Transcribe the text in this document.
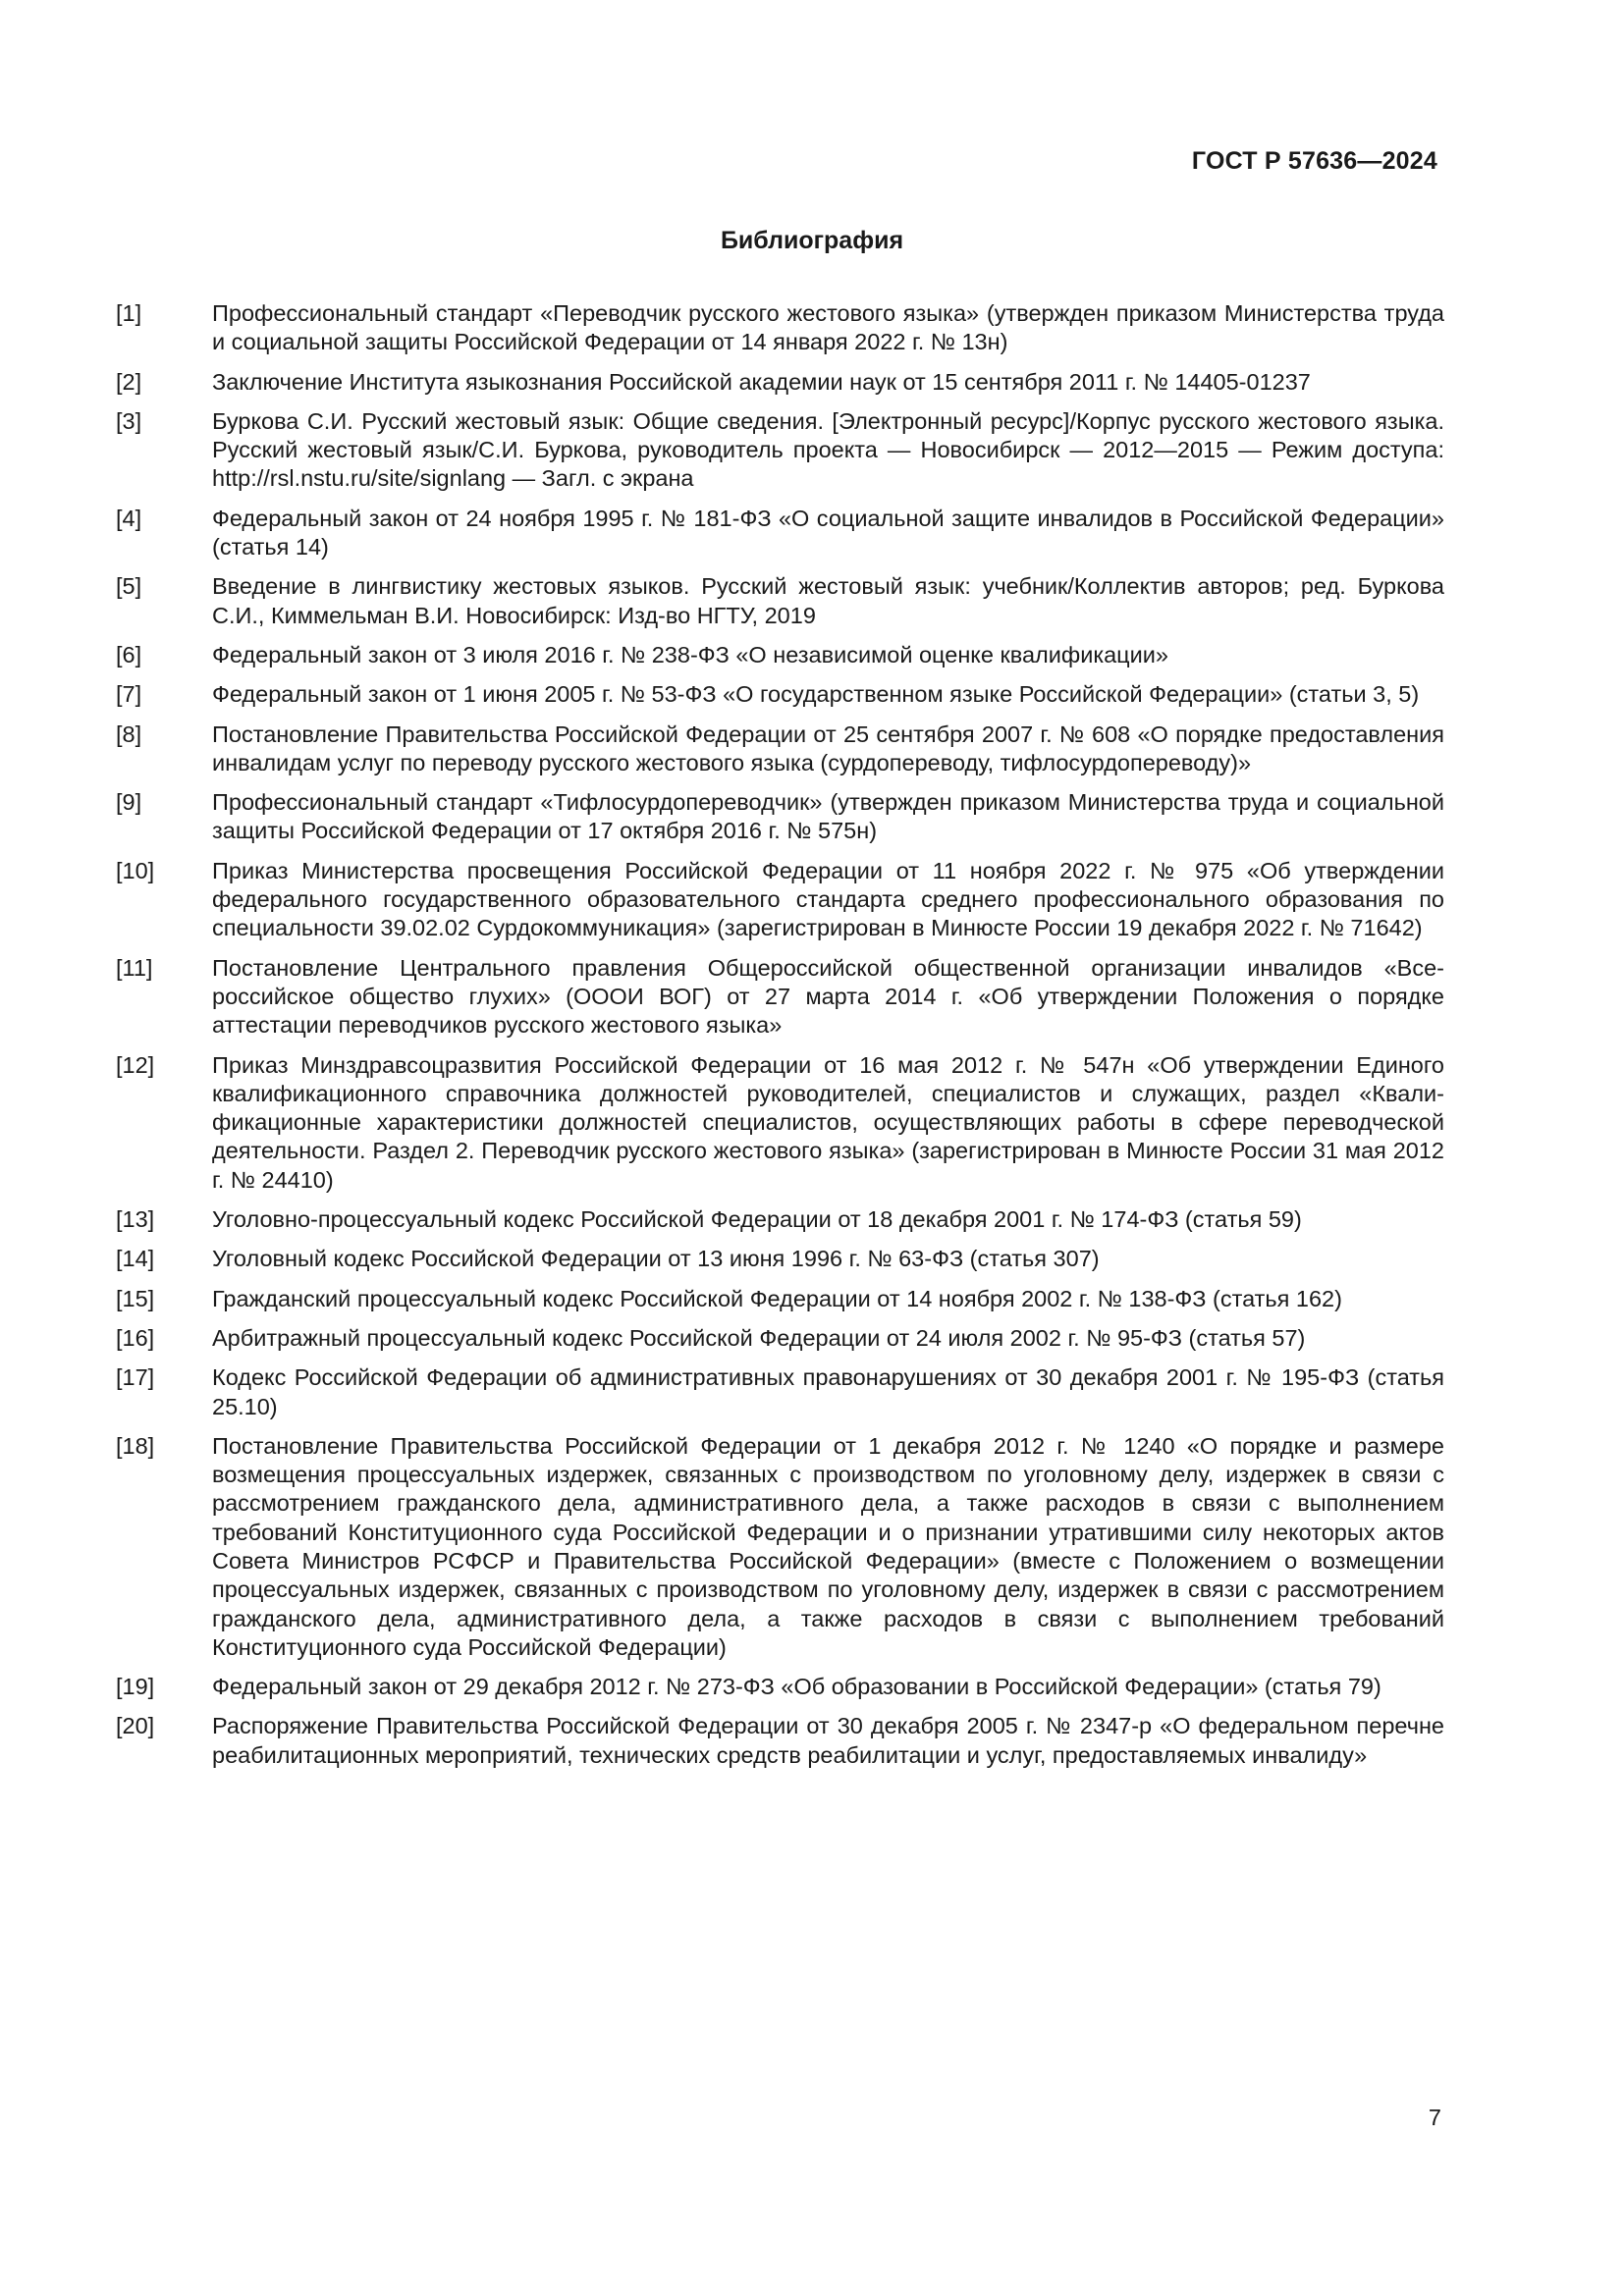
ГОСТ Р 57636—2024
Библиография
[1]	Профессиональный стандарт «Переводчик русского жестового языка» (утвержден приказом Министерства труда и социальной защиты Российской Федерации от 14 января 2022 г. № 13н)
[2]	Заключение Института языкознания Российской академии наук от 15 сентября 2011 г. № 14405-01237
[3]	Буркова С.И. Русский жестовый язык: Общие сведения. [Электронный ресурс]/Корпус русского жестового языка. Русский жестовый язык/С.И. Буркова, руководитель проекта — Новосибирск — 2012—2015 — Режим доступа: http://rsl.nstu.ru/site/signlang — Загл. с экрана
[4]	Федеральный закон от 24 ноября 1995 г. № 181-ФЗ «О социальной защите инвалидов в Российской Федерации» (статья 14)
[5]	Введение в лингвистику жестовых языков. Русский жестовый язык: учебник/Коллектив авторов; ред. Буркова С.И., Киммельман В.И. Новосибирск: Изд-во НГТУ, 2019
[6]	Федеральный закон от 3 июля 2016 г. № 238-ФЗ «О независимой оценке квалификации»
[7]	Федеральный закон от 1 июня 2005 г. № 53-ФЗ «О государственном языке Российской Федерации» (статьи 3, 5)
[8]	Постановление Правительства Российской Федерации от 25 сентября 2007 г. № 608 «О порядке предоставления инвалидам услуг по переводу русского жестового языка (сурдопереводу, тифлосурдопереводу)»
[9]	Профессиональный стандарт «Тифлосурдопереводчик» (утвержден приказом Министерства труда и социальной защиты Российской Федерации от 17 октября 2016 г. № 575н)
[10]	Приказ Министерства просвещения Российской Федерации от 11 ноября 2022 г. № 975 «Об утверждении федерального государственного образовательного стандарта среднего профессионального образования по специальности 39.02.02 Сурдокоммуникация» (зарегистрирован в Минюсте России 19 декабря 2022 г. № 71642)
[11]	Постановление Центрального правления Общероссийской общественной организации инвалидов «Всероссийское общество глухих» (ОООИ ВОГ) от 27 марта 2014 г. «Об утверждении Положения о порядке аттестации переводчиков русского жестового языка»
[12]	Приказ Минздравсоцразвития Российской Федерации от 16 мая 2012 г. № 547н «Об утверждении Единого квалификационного справочника должностей руководителей, специалистов и служащих, раздел «Квалификационные характеристики должностей специалистов, осуществляющих работы в сфере переводческой деятельности. Раздел 2. Переводчик русского жестового языка» (зарегистрирован в Минюсте России 31 мая 2012 г. № 24410)
[13]	Уголовно-процессуальный кодекс Российской Федерации от 18 декабря 2001 г. № 174-ФЗ (статья 59)
[14]	Уголовный кодекс Российской Федерации от 13 июня 1996 г. № 63-ФЗ (статья 307)
[15]	Гражданский процессуальный кодекс Российской Федерации от 14 ноября 2002 г. № 138-ФЗ (статья 162)
[16]	Арбитражный процессуальный кодекс Российской Федерации от 24 июля 2002 г. № 95-ФЗ (статья 57)
[17]	Кодекс Российской Федерации об административных правонарушениях от 30 декабря 2001 г. № 195-ФЗ (статья 25.10)
[18]	Постановление Правительства Российской Федерации от 1 декабря 2012 г. № 1240 «О порядке и размере возмещения процессуальных издержек, связанных с производством по уголовному делу, издержек в связи с рассмотрением гражданского дела, административного дела, а также расходов в связи с выполнением требований Конституционного суда Российской Федерации и о признании утратившими силу некоторых актов Совета Министров РСФСР и Правительства Российской Федерации» (вместе с Положением о возмещении процессуальных издержек, связанных с производством по уголовному делу, издержек в связи с рассмотрением гражданского дела, административного дела, а также расходов в связи с выполнением требований Конституционного суда Российской Федерации)
[19]	Федеральный закон от 29 декабря 2012 г. № 273-ФЗ «Об образовании в Российской Федерации» (статья 79)
[20]	Распоряжение Правительства Российской Федерации от 30 декабря 2005 г. № 2347-р «О федеральном перечне реабилитационных мероприятий, технических средств реабилитации и услуг, предоставляемых инвалиду»
7
